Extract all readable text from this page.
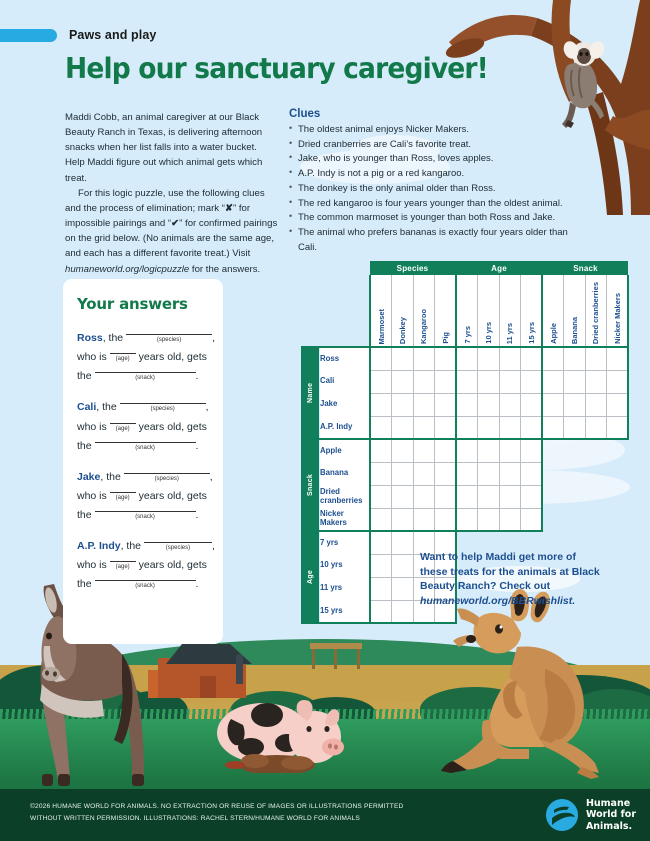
Paws and play
Help our sanctuary caregiver!

Maddi Cobb, an animal caregiver at our Black Beauty Ranch in Texas, is delivering afternoon snacks when her list falls into a water bucket. Help Maddi figure out which animal gets which treat.

For this logic puzzle, use the following clues and the process of elimination; mark “✘” for impossible pairings and “✔” for confirmed pairings on the grid below. (No animals are the same age, and each has a different favorite treat.) Visit humaneworld.org/logicpuzzle for the answers.

Clues
• The oldest animal enjoys Nicker Makers.
• Dried cranberries are Cali’s favorite treat.
• Jake, who is younger than Ross, loves apples.
• A.P. Indy is not a pig or a red kangaroo.
• The donkey is the only animal older than Ross.
• The red kangaroo is four years younger than the oldest animal.
• The common marmoset is younger than both Ross and Jake.
• The animal who prefers bananas is exactly four years older than Cali.
Your answers
Ross, the	(species)	,
who is	(age) years old, gets
the	(snack)	.
Cali, the	(species)	,
who is	(age) years old, gets
the	(snack)	.
Jake, the	(species)	,
who is	(age) years old, gets
the	(snack)	.
A.P. Indy, the	(species)	,
who is	(age) years old, gets
the	(snack)	.
		Species				Age				Snack			
		Marmoset	Donkey	Kangaroo	Pig	7 yrs	10 yrs	11 yrs	15 yrs	Apple	Banana	Dried cranberries	Nicker Makers
Name	Ross												
	Cali												
	Jake												
	A.P. Indy												
Snack	Apple												
	Banana												
	Dried cranberries												
	Nicker Makers												
Age	7 yrs												
	10 yrs												
	11 yrs												
	15 yrs												
Want to help Maddi get more of these treats for the animals at Black Beauty Ranch? Check out humaneworld.org/BBRwishlist.
©2026 HUMANE WORLD FOR ANIMALS. NO EXTRACTION OR REUSE OF IMAGES OR ILLUSTRATIONS PERMITTED
WITHOUT WRITTEN PERMISSION. ILLUSTRATIONS: RACHEL STERN/HUMANE WORLD FOR ANIMALS
Humane
World for
Animals.
